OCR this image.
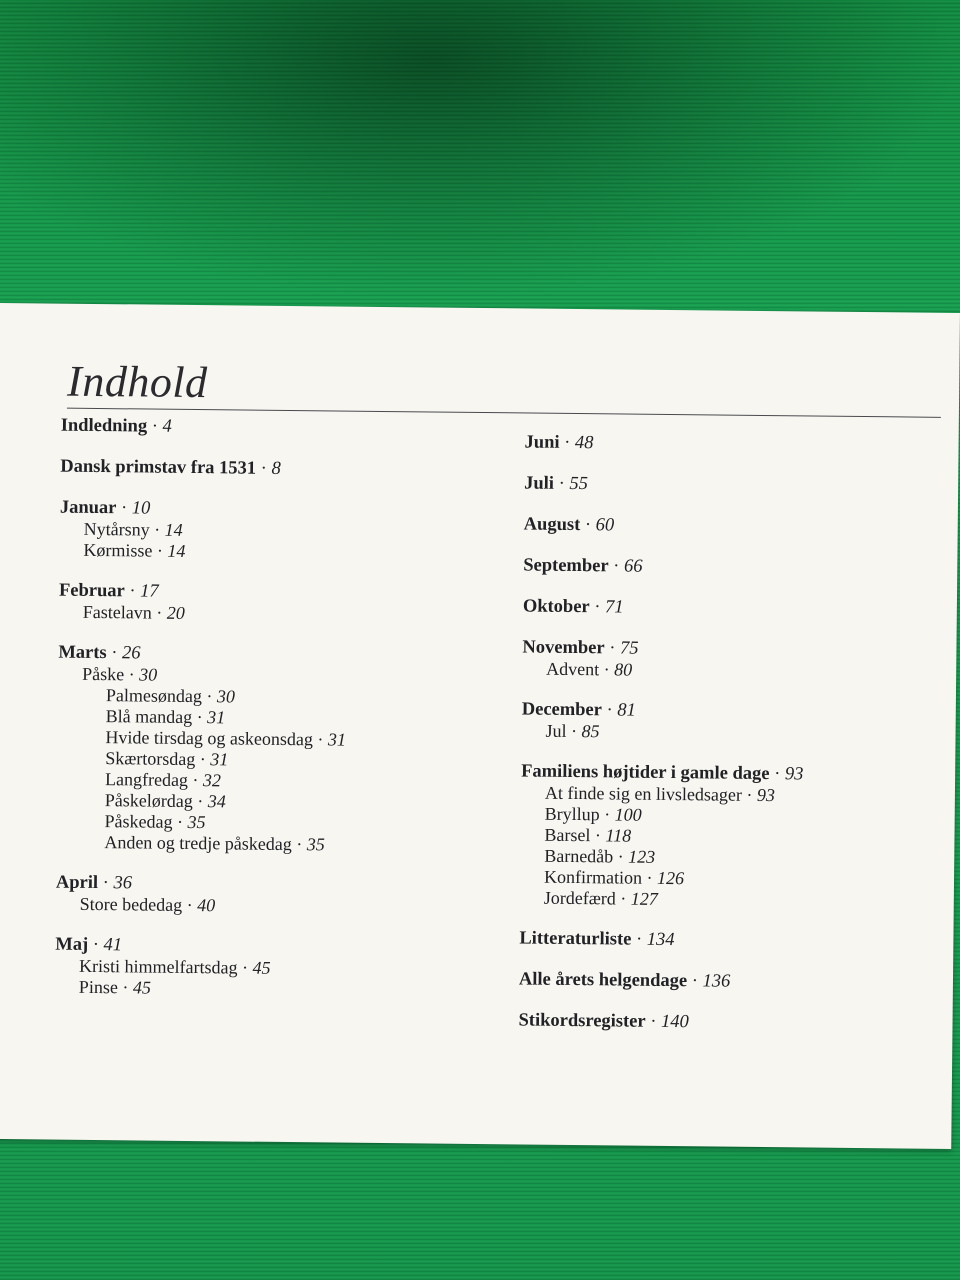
Indhold
Indledning · 4
Dansk primstav fra 1531 · 8
Januar · 10
Nytårsny · 14
Kørmisse · 14
Februar · 17
Fastelavn · 20
Marts · 26
Påske · 30
Palmesøndag · 30
Blå mandag · 31
Hvide tirsdag og askeonsdag · 31
Skærtorsdag · 31
Langfredag · 32
Påskelørdag · 34
Påskedag · 35
Anden og tredje påskedag · 35
April · 36
Store bededag · 40
Maj · 41
Kristi himmelfartsdag · 45
Pinse · 45
Juni · 48
Juli · 55
August · 60
September · 66
Oktober · 71
November · 75
Advent · 80
December · 81
Jul · 85
Familiens højtider i gamle dage · 93
At finde sig en livsledsager · 93
Bryllup · 100
Barsel · 118
Barnedåb · 123
Konfirmation · 126
Jordefærd · 127
Litteraturliste · 134
Alle årets helgendage · 136
Stikordsregister · 140
